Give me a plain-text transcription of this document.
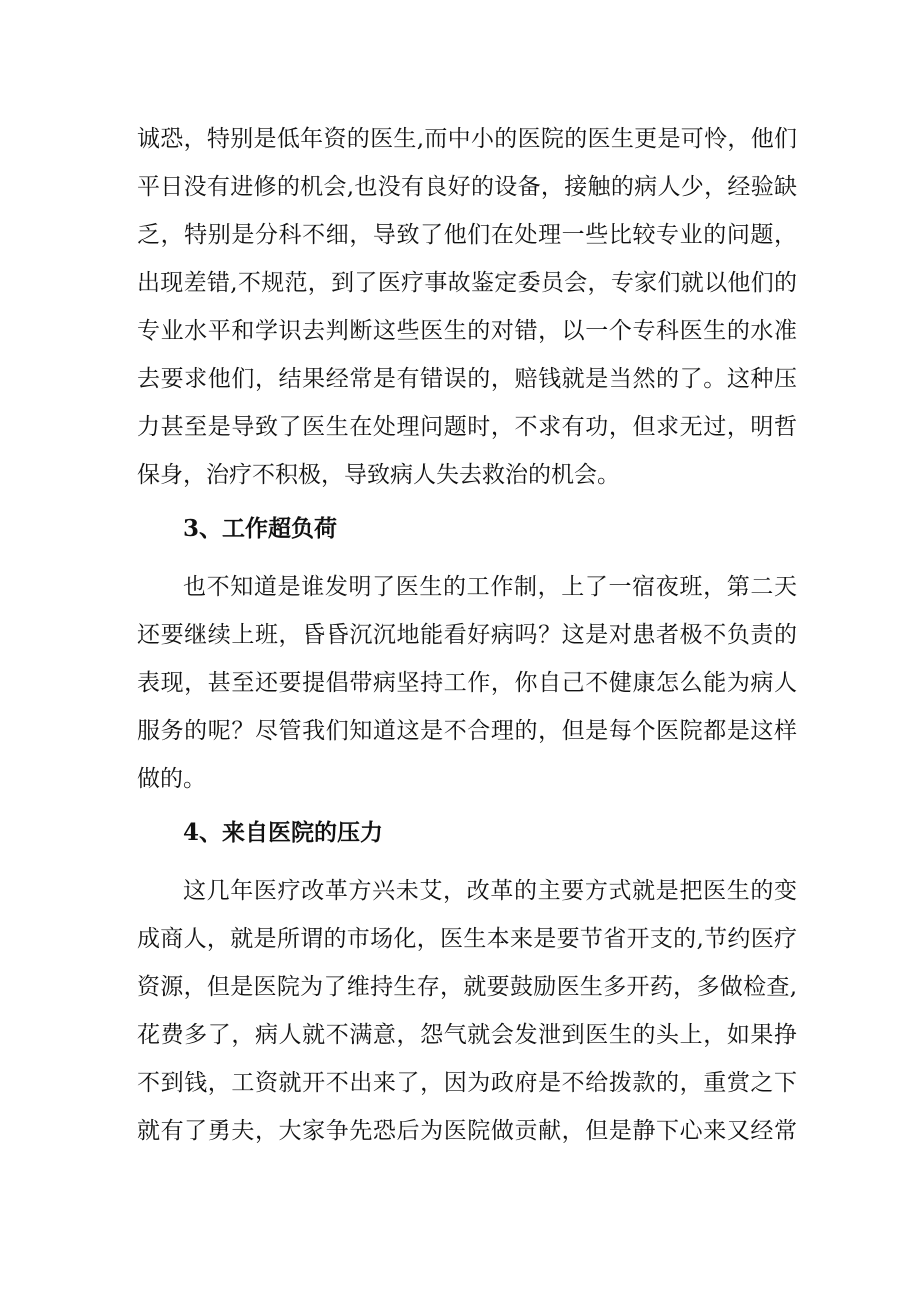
诚恐，特别是低年资的医生,而中小的医院的医生更是可怜，他们
平日没有进修的机会,也没有良好的设备，接触的病人少，经验缺
乏，特别是分科不细，导致了他们在处理一些比较专业的问题，
出现差错,不规范，到了医疗事故鉴定委员会，专家们就以他们的
专业水平和学识去判断这些医生的对错，以一个专科医生的水准
去要求他们，结果经常是有错误的，赔钱就是当然的了。这种压
力甚至是导致了医生在处理问题时，不求有功，但求无过，明哲
保身，治疗不积极，导致病人失去救治的机会。
3、工作超负荷
也不知道是谁发明了医生的工作制，上了一宿夜班，第二天
还要继续上班，昏昏沉沉地能看好病吗？这是对患者极不负责的
表现，甚至还要提倡带病坚持工作，你自己不健康怎么能为病人
服务的呢？尽管我们知道这是不合理的，但是每个医院都是这样
做的。
4、来自医院的压力
这几年医疗改革方兴未艾，改革的主要方式就是把医生的变
成商人，就是所谓的市场化，医生本来是要节省开支的,节约医疗
资源，但是医院为了维持生存，就要鼓励医生多开药，多做检查,
花费多了，病人就不满意，怨气就会发泄到医生的头上，如果挣
不到钱，工资就开不出来了，因为政府是不给拨款的，重赏之下
就有了勇夫，大家争先恐后为医院做贡献，但是静下心来又经常
